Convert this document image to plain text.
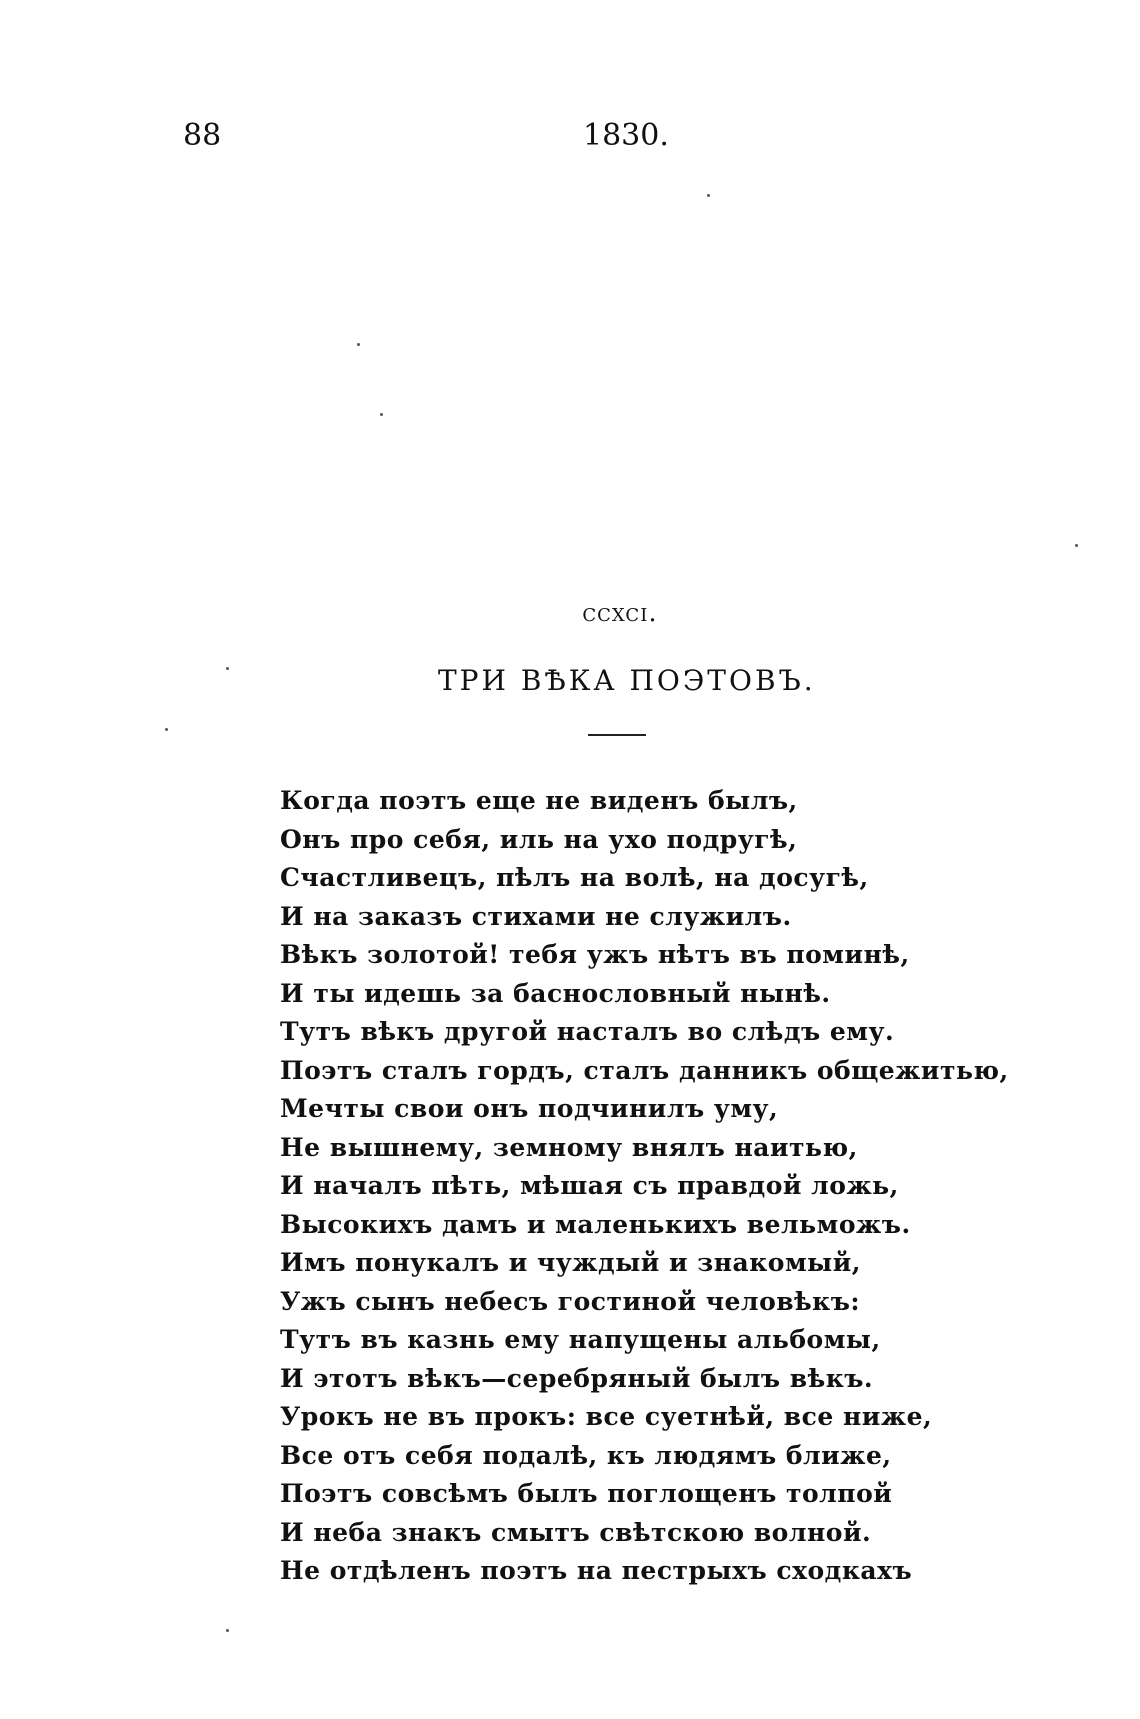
88	1830.
ccxci.
ТРИ ВѢКА ПОЭТОВЪ.
Когда поэтъ еще не виденъ былъ,
Онъ про себя, иль на ухо подругѣ,
Счастливецъ, пѣлъ на волѣ, на досугѣ,
И на заказъ стихами не служилъ.
Вѣкъ золотой! тебя ужъ нѣтъ въ поминѣ,
И ты идешь за баснословный нынѣ.
Тутъ вѣкъ другой насталъ во слѣдъ ему.
Поэтъ сталъ гордъ, сталъ данникъ общежитью,
Мечты свои онъ подчинилъ уму,
Не вышнему, земному внялъ наитью,
И началъ пѣть, мѣшая съ правдой ложь,
Высокихъ дамъ и маленькихъ вельможъ.
Имъ понукалъ и чуждый и знакомый,
Ужъ сынъ небесъ гостиной человѣкъ:
Тутъ въ казнь ему напущены альбомы,
И этотъ вѣкъ—серебряный былъ вѣкъ.
Урокъ не въ прокъ: все суетнѣй, все ниже,
Все отъ себя подалѣ, къ людямъ ближе,
Поэтъ совсѣмъ былъ поглощенъ толпой
И неба знакъ смытъ свѣтскою волной.
Не отдѣленъ поэтъ на пестрыхъ сходкахъ
